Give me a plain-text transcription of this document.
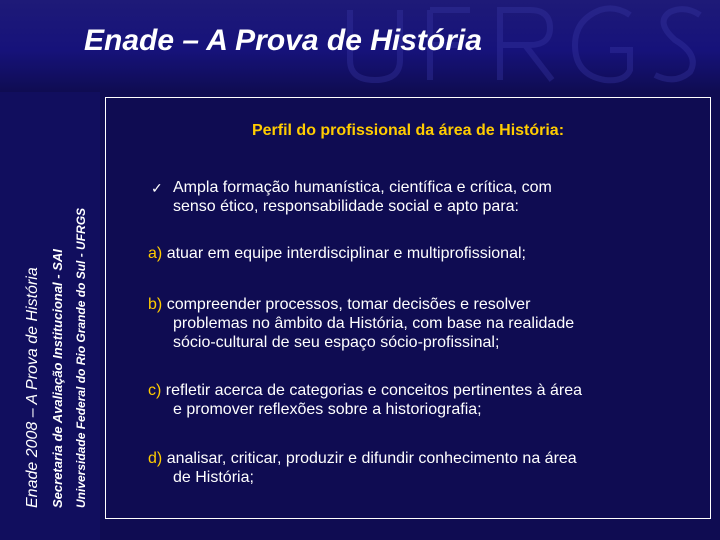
Enade – A Prova de História
Enade 2008 – A Prova de História Secretaria de Avaliação Institucional - SAI Universidade Federal do Rio Grande do Sul - UFRGS
Perfil do profissional da área de História:
✓ Ampla formação humanística, científica e crítica, com
senso ético, responsabilidade social e apto para:
a) atuar em equipe interdisciplinar e multiprofissional;
b) compreender processos, tomar decisões e resolver
problemas no âmbito da História, com base na realidade
sócio-cultural de seu espaço sócio-profissinal;
c) refletir acerca de categorias e conceitos pertinentes à área
e promover reflexões sobre a historiografia;
d) analisar, criticar, produzir e difundir conhecimento na área
de História;
